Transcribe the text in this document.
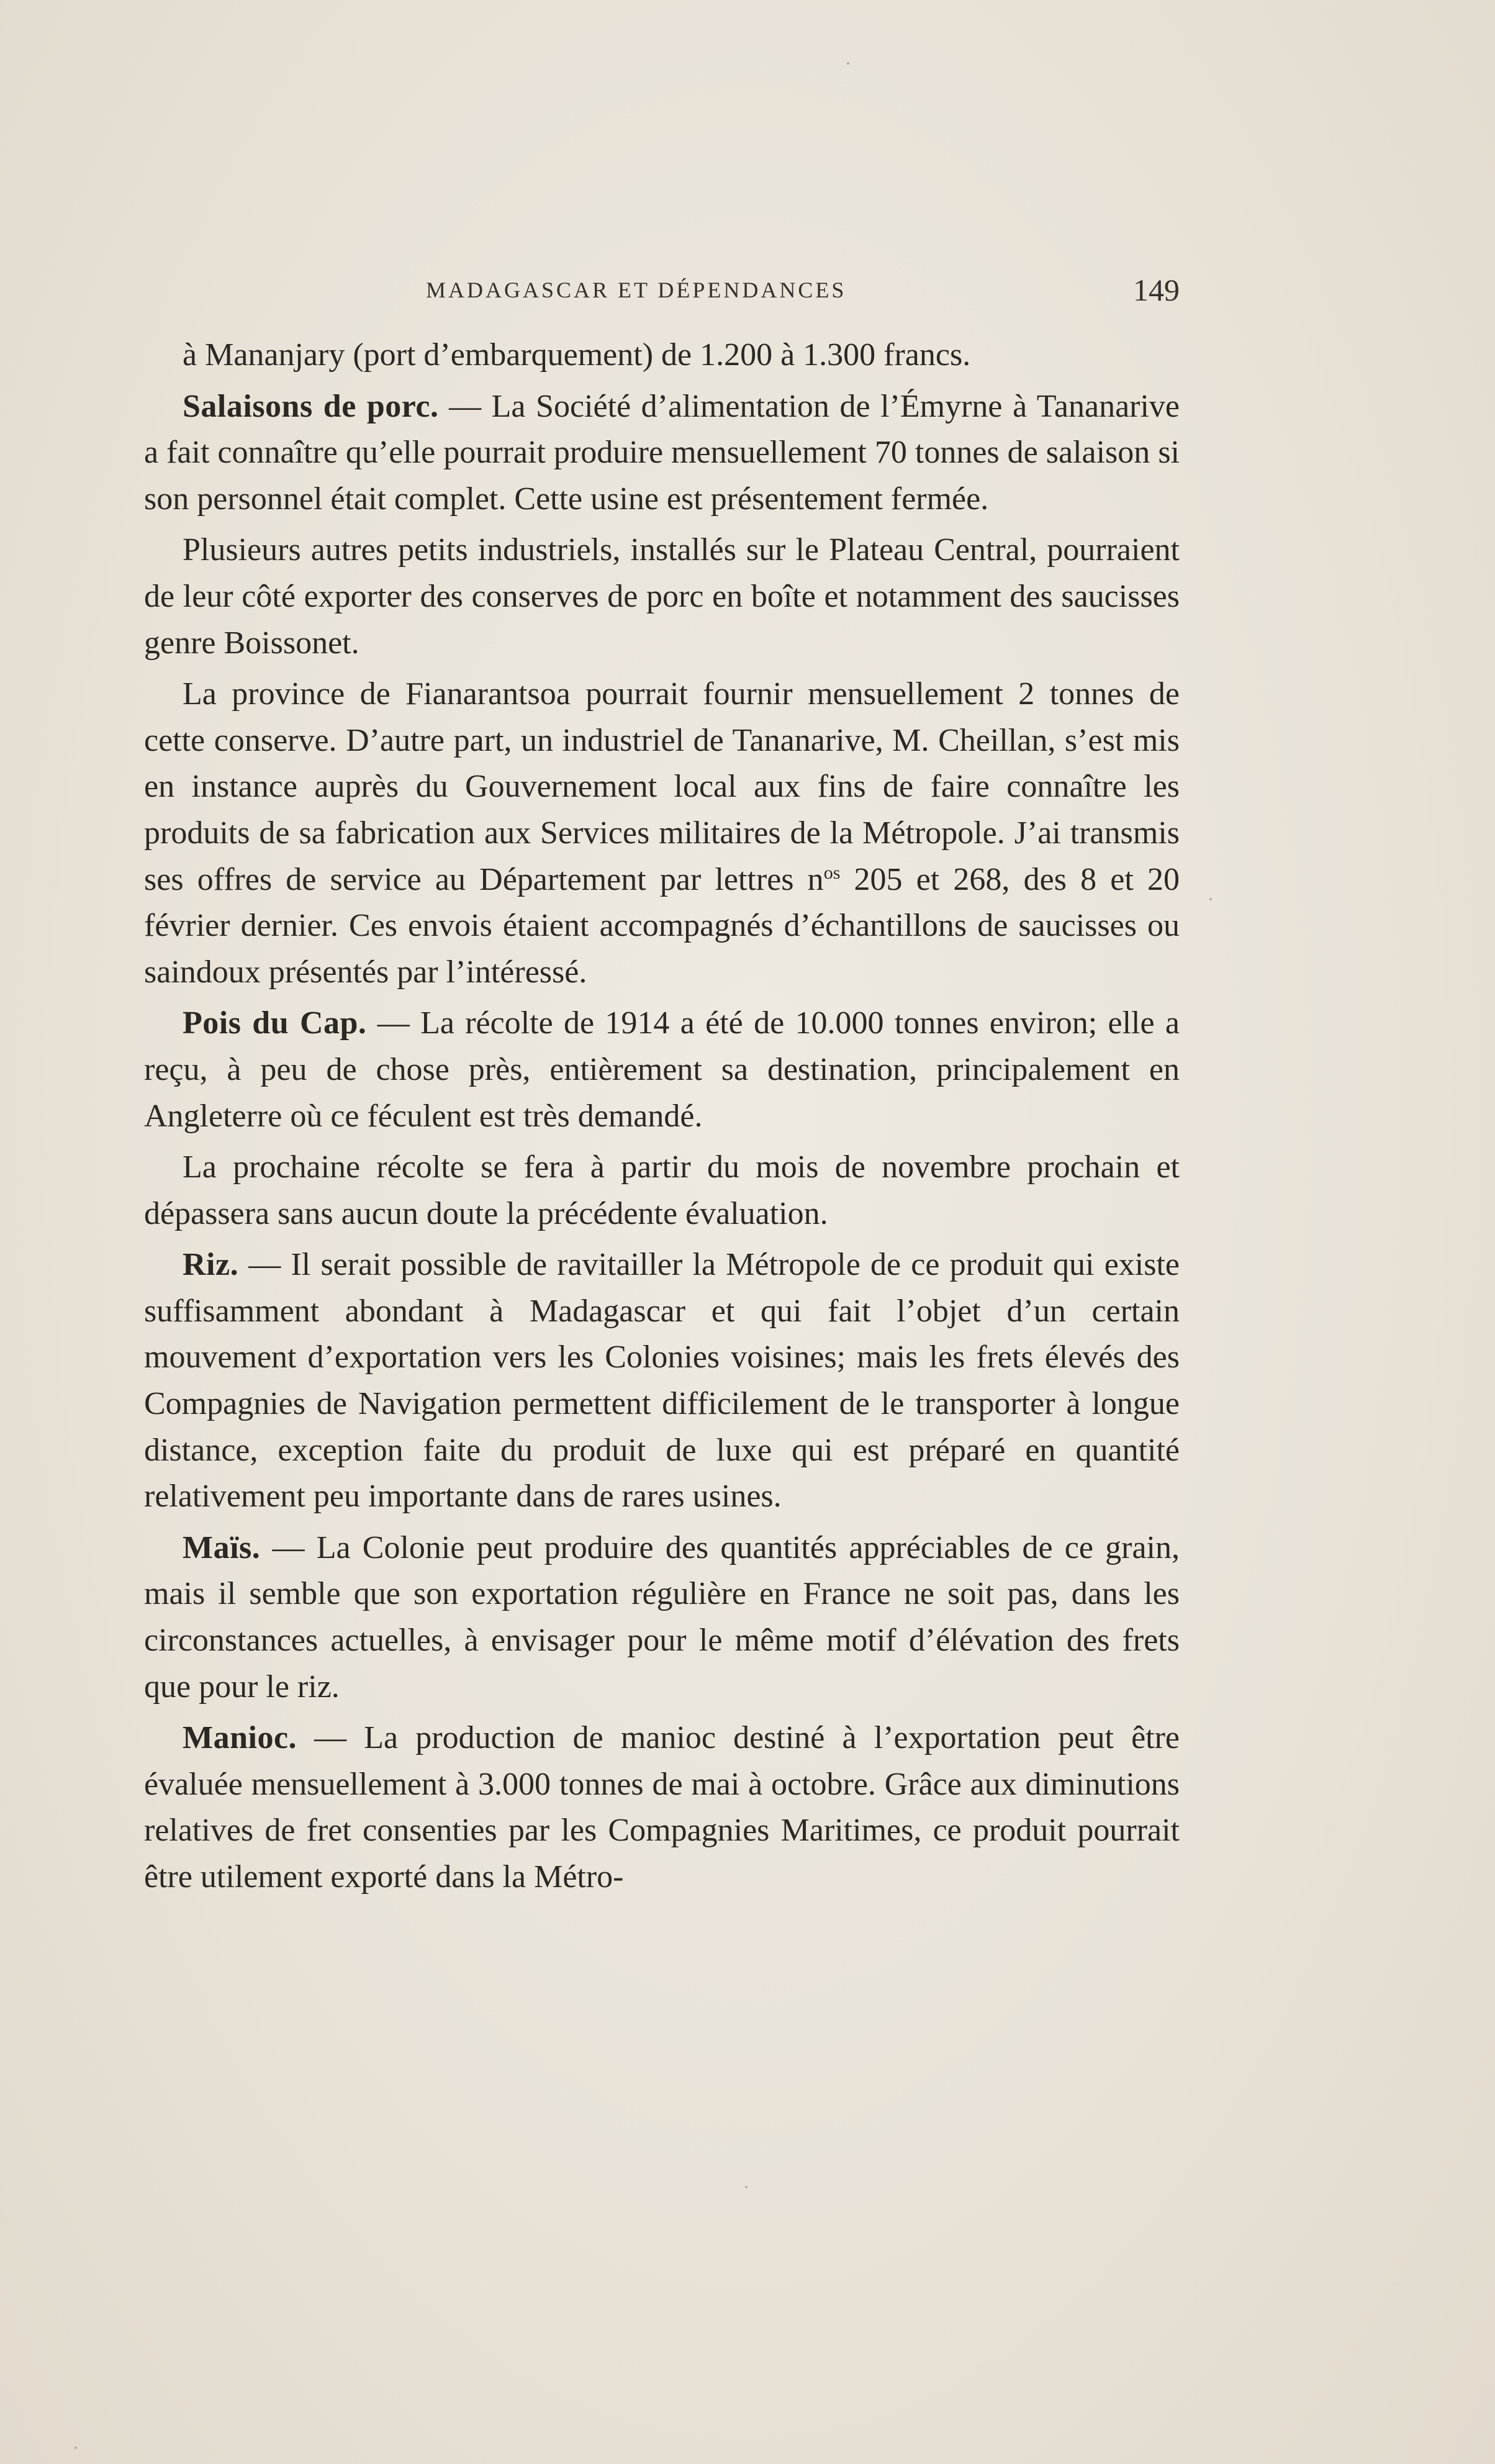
MADAGASCAR ET DÉPENDANCES	149

à Mananjary (port d’embarquement) de 1.200 à 1.300 francs.

Salaisons de porc. — La Société d’alimentation de l’Émyrne à Tananarive a fait connaître qu’elle pourrait produire mensuellement 70 tonnes de salaison si son personnel était complet. Cette usine est présentement fermée.

Plusieurs autres petits industriels, installés sur le Plateau Central, pourraient de leur côté exporter des conserves de porc en boîte et notamment des saucisses genre Boissonet.

La province de Fianarantsoa pourrait fournir mensuellement 2 tonnes de cette conserve. D’autre part, un industriel de Tananarive, M. Cheillan, s’est mis en instance auprès du Gouvernement local aux fins de faire connaître les produits de sa fabrication aux Services militaires de la Métropole. J’ai transmis ses offres de service au Département par lettres $n^{os}$ 205 et 268, des 8 et 20 février dernier. Ces envois étaient accompagnés d’échantillons de saucisses ou saindoux présentés par l’intéressé.

Pois du Cap. — La récolte de 1914 a été de 10.000 tonnes environ; elle a reçu, à peu de chose près, entièrement sa destination, principalement en Angleterre où ce féculent est très demandé.

La prochaine récolte se fera à partir du mois de novembre prochain et dépassera sans aucun doute la précédente évaluation.

Riz. — Il serait possible de ravitailler la Métropole de ce produit qui existe suffisamment abondant à Madagascar et qui fait l’objet d’un certain mouvement d’exportation vers les Colonies voisines; mais les frets élevés des Compagnies de Navigation permettent difficilement de le transporter à longue distance, exception faite du produit de luxe qui est préparé en quantité relativement peu importante dans de rares usines.

Maïs. — La Colonie peut produire des quantités appréciables de ce grain, mais il semble que son exportation régulière en France ne soit pas, dans les circonstances actuelles, à envisager pour le même motif d’élévation des frets que pour le riz.

Manioc. — La production de manioc destiné à l’exportation peut être évaluée mensuellement à 3.000 tonnes de mai à octobre. Grâce aux diminutions relatives de fret consenties par les Compagnies Maritimes, ce produit pourrait être utilement exporté dans la Métro-
